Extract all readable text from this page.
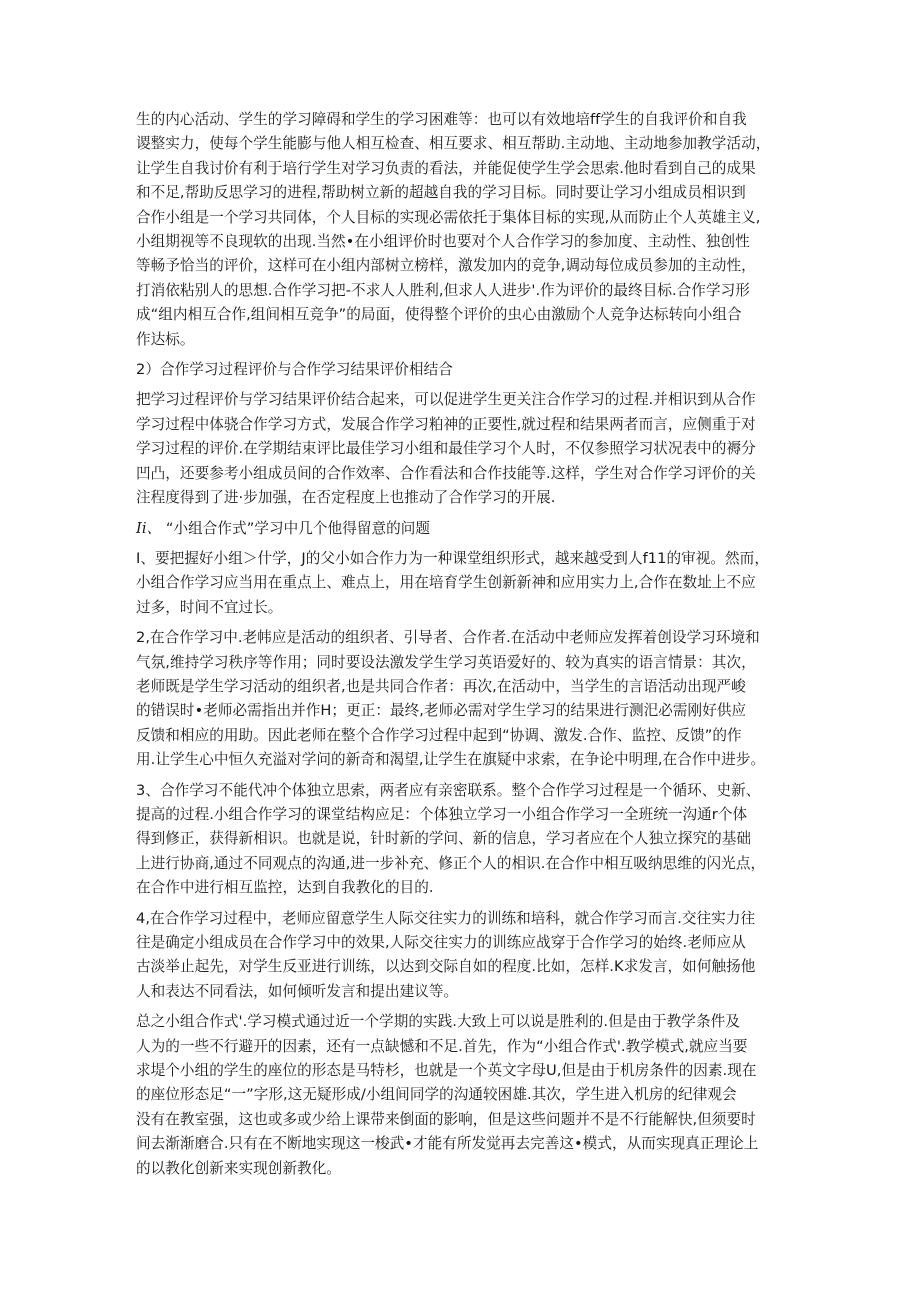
生的内心活动、学生的学习障碍和学生的学习困难等：也可以有效地培ff学生的自我评价和自我
谡整实力，使每个学生能膨与他人相互检查、相互要求、相互帮助.主动地、主动地参加教学活动，
让学生自我讨价有利于培行学生对学习负责的看法，并能促使学生学会思索.他时看到自己的成果
和不足,帮助反思学习的进程,帮助树立新的超越自我的学习目标。同时要让学习小组成员相识到
合作小组是一个学习共同体，个人目标的实现必需依托于集体目标的实现,从而防止个人英雄主义,
小组期视等不良现软的出现.当然•在小组评价时也要对个人合作学习的参加度、主动性、独创性
等畅予恰当的评价，这样可在小组内部树立榜样，激发加内的竞争,调动每位成员参加的主动性，
打消依粘别人的思想.合作学习把-不求人人胜利,但求人人进步'.作为评价的最终目标.合作学习形
成“组内相互合作,组间相互竞争”的局面，使得整个评价的虫心由激励个人竞争达标转向小组合
作达标。
2）合作学习过程评价与合作学习结果评价相结合
把学习过程评价与学习结果评价结合起来，可以促进学生更关注合作学习的过程.并相识到从合作
学习过程中体骁合作学习方式，发展合作学习粕神的正要性,就过程和结果两者而言，应侧重于对
学习过程的评价.在学期结束评比最佳学习小组和最佳学习个人时，不仅参照学习状况表中的褥分
凹凸，还要参考小组成员间的合作效率、合作看法和合作技能等.这样，学生对合作学习评价的关
注程度得到了进·步加强，在否定程度上也推动了合作学习的开展.
Ii、 “小组合作式”学习中几个他得留意的问题
I、要把握好小组＞什学，J的父小如合作力为一种课堂组织形式，越来越受到人f11的审视。然而，
小组合作学习应当用在重点上、难点上，用在培育学生创新新神和应用实力上,合作在数址上不应
过多，时间不宜过长。
2,在合作学习中.老帏应是活动的组织者、引导者、合作者.在活动中老师应发挥着创设学习环境和
气氛,维持学习秩序等作用；同时要设法激发学生学习英语爱好的、较为真实的语言情景：其次，
老师既是学生学习活动的组织者,也是共同合作者：再次,在活动中，当学生的言语活动出现严峻
的错误时•老师必需指出并作H；更正：最终,老师必需对学生学习的结果进行测汜必需刚好供应
反馈和相应的用助。因此老师在整个合作学习过程中起到“协调、激发.合作、监控、反馈”的作
用.让学生心中恒久充溢对学问的新奇和渴望,让学生在旗疑中求索，在争论中明理,在合作中进步。
3、合作学习不能代冲个体独立思索，两者应有亲密联系。整个合作学习过程是一个循环、史新、
提高的过程.小组合作学习的课堂结构应足：个体独立学习一小组合作学习一全班统一沟通r个体
得到修正，获得新相识。也就是说，针时新的学问、新的信息，学习者应在个人独立探究的基础
上进行协商,通过不同观点的沟通,进一步补充、修正个人的相识.在合作中相互吸纳思维的闪光点，
在合作中进行相互监控，达到自我教化的目的.
4,在合作学习过程中，老师应留意学生人际交往实力的训练和培科，就合作学习而言.交往实力往
往是确定小组成员在合作学习中的效果,人际交往实力的训练应战穿于合作学习的始终.老师应从
古淡举止起先，对学生反亚进行训练，以达到交际自如的程度.比如，怎样.K求发言，如何触扬他
人和表达不同看法，如何倾听发言和提出建议等。
总之小组合作式'.学习模式通过近一个学期的实践.大致上可以说是胜利的.但是由于教学条件及
人为的一些不行避开的因素，还有一点缺憾和不足.首先，作为“小组合作式'.教学模式,就应当要
求堤个小组的学生的座位的形态是马特杉，也就是一个英文字母U,但是由于机房条件的因素.现在
的座位形态足“一”字形,这无疑形成/小组间同学的沟通较困雄.其次，学生进入机房的纪律观会
没有在教室强，这也或多或少给上课带来倒面的影响，但是这些问题并不是不行能解快,但须要时
间去渐渐磨合.只有在不断地实现这一梭武•才能有所发觉再去完善这•模式，从而实现真正理论上
的以教化创新来实现创新教化。
